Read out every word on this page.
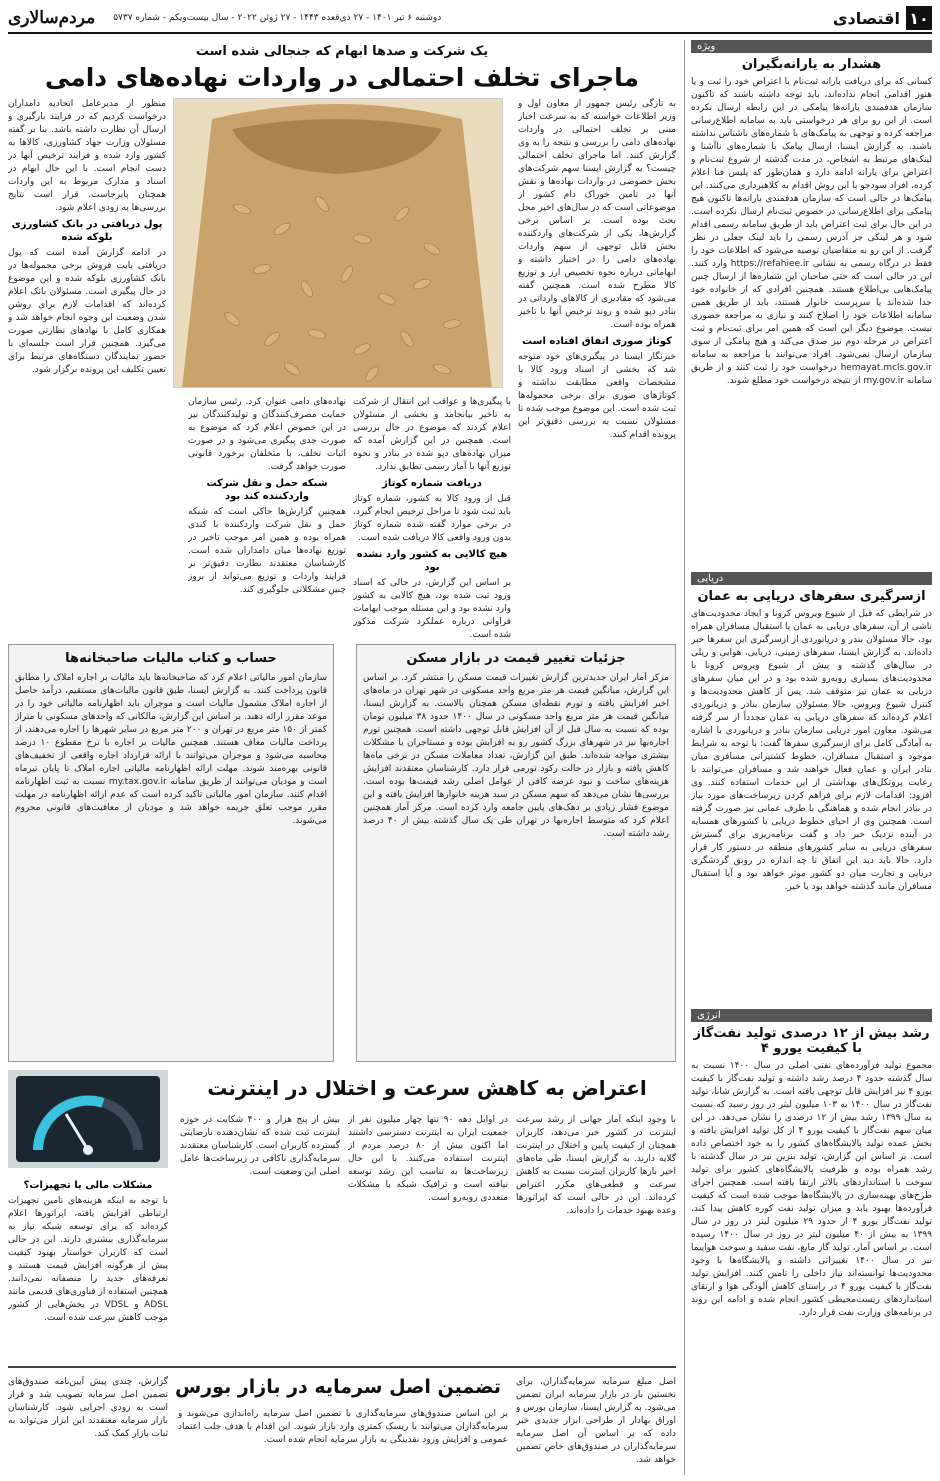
۱۰
اقتصادی
مردم‌سالاری دوشنبه ۶ تیر ۱۴۰۱ - ۲۷ ذی‌قعده ۱۴۴۳ - ۲۷ ژوئن ۲۰۲۲ - سال بیست‌ویکم - شماره ۵۷۳۷
ویژه
هشدار به یارانه‌بگیران
کسانی که برای دریافت یارانه ثبت‌نام یا اعتراض خود را ثبت و یا هنوز اقدامی انجام نداده‌اند، باید توجه داشته باشند که تاکنون سازمان هدفمندی یارانه‌ها پیامکی در این رابطه ارسال نکرده است. از این رو برای هر درخواستی باید به سامانه اطلاع‌رسانی مراجعه کرده و توجهی به پیامک‌های با شماره‌های ناشناس نداشته باشند. به گزارش ایسنا، ارسال پیامک با شماره‌های ناآشنا و لینک‌های مرتبط به اشخاص، در مدت گذشته از شروع ثبت‌نام و اعتراض برای یارانه ادامه دارد و همان‌طور که پلیس فتا اعلام کرده، افراد سودجو با این روش اقدام به کلاهبرداری می‌کنند. این پیامک‌ها در حالی است که سازمان هدفمندی یارانه‌ها تاکنون هیچ پیامکی برای اطلاع‌رسانی در خصوص ثبت‌نام ارسال نکرده است. در این حال برای ثبت اعتراض باید از طریق سامانه رسمی اقدام شود و هر لینکی جز آدرس رسمی را باید لینک جعلی در نظر گرفت. از این رو به متقاضیان توصیه می‌شود که اطلاعات خود را فقط در درگاه رسمی به نشانی https://refahiee.ir وارد کنند. این در حالی است که حتی صاحبان این شماره‌ها از ارسال چنین پیامک‌هایی بی‌اطلاع هستند. همچنین افرادی که از خانواده خود جدا شده‌اند یا سرپرست خانوار هستند، باید از طریق همین سامانه اطلاعات خود را اصلاح کنند و نیازی به مراجعه حضوری نیست. موضوع دیگر این است که همین امر برای ثبت‌نام و ثبت اعتراض در مرحله دوم نیز صدق می‌کند و هیچ پیامکی از سوی سازمان ارسال نمی‌شود. افراد می‌توانند با مراجعه به سامانه hemayat.mcls.gov.ir درخواست خود را ثبت کنند و از طریق سامانه my.gov.ir از نتیجه درخواست خود مطلع شوند.
دریایی
ازسرگیری سفرهای دریایی به عمان
در شرایطی که قبل از شیوع ویروس کرونا و ایجاد محدودیت‌های ناشی از آن، سفرهای دریایی به عمان با استقبال مسافران همراه بود، حالا مسئولان بندر و دریانوردی از ازسرگیری این سفرها خبر داده‌اند. به گزارش ایسنا، سفرهای زمینی، دریایی، هوایی و ریلی در سال‌های گذشته و پیش از شیوع ویروس کرونا با محدودیت‌های بسیاری روبه‌رو شده بود و در این میان سفرهای دریایی به عمان نیز متوقف شد. پس از کاهش محدودیت‌ها و کنترل شیوع ویروس، حالا مسئولان سازمان بنادر و دریانوردی اعلام کرده‌اند که سفرهای دریایی به عمان مجدداً از سر گرفته می‌شود. معاون امور دریایی سازمان بنادر و دریانوردی با اشاره به آمادگی کامل برای ازسرگیری سفرها گفت: با توجه به شرایط موجود و استقبال مسافران، خطوط کشتیرانی مسافری میان بنادر ایران و عمان فعال خواهند شد و مسافران می‌توانند با رعایت پروتکل‌های بهداشتی از این خدمات استفاده کنند. وی افزود: اقدامات لازم برای فراهم کردن زیرساخت‌های مورد نیاز در بنادر انجام شده و هماهنگی با طرف عمانی نیز صورت گرفته است. همچنین وی از احیای خطوط دریایی با کشورهای همسایه در آینده نزدیک خبر داد و گفت برنامه‌ریزی برای گسترش سفرهای دریایی به سایر کشورهای منطقه در دستور کار قرار دارد. حالا باید دید این اتفاق تا چه اندازه در رونق گردشگری دریایی و تجارت میان دو کشور موثر خواهد بود و آیا استقبال مسافران مانند گذشته خواهد بود یا خیر.
انرژی
رشد بیش از ۱۲ درصدی تولید نفت‌گاز با کیفیت یورو ۴
مجموع تولید فرآورده‌های نفتی اصلی در سال ۱۴۰۰ نسبت به سال گذشته حدود ۴ درصد رشد داشته و تولید نفت‌گاز با کیفیت یورو ۴ نیز افزایش قابل توجهی یافته است. به گزارش شانا، تولید نفت‌گاز در سال ۱۴۰۰ به ۱۰۳ میلیون لیتر در روز رسید که نسبت به سال ۱۳۹۹ رشد بیش از ۱۲ درصدی را نشان می‌دهد. در این میان سهم نفت‌گاز با کیفیت یورو ۴ از کل تولید افزایش یافته و بخش عمده تولید پالایشگاه‌های کشور را به خود اختصاص داده است. بر اساس این گزارش، تولید بنزین نیز در سال گذشته با رشد همراه بوده و ظرفیت پالایشگاه‌های کشور برای تولید سوخت با استانداردهای بالاتر ارتقا یافته است. همچنین اجرای طرح‌های بهینه‌سازی در پالایشگاه‌ها موجب شده است که کیفیت فرآورده‌ها بهبود یابد و میزان تولید نفت کوره کاهش پیدا کند. تولید نفت‌گاز یورو ۴ از حدود ۲۹ میلیون لیتر در روز در سال ۱۳۹۹ به بیش از ۴۰ میلیون لیتر در روز در سال ۱۴۰۰ رسیده است. بر اساس آمار، تولید گاز مایع، نفت سفید و سوخت هواپیما نیز در سال ۱۴۰۰ تغییراتی داشته و پالایشگاه‌ها با وجود محدودیت‌ها توانسته‌اند نیاز داخلی را تامین کنند. افزایش تولید نفت‌گاز با کیفیت یورو ۴ در راستای کاهش آلودگی هوا و ارتقای استانداردهای زیست‌محیطی کشور انجام شده و ادامه این روند در برنامه‌های وزارت نفت قرار دارد.
یک شرکت و صدها ابهام که جنجالی شده است
ماجرای تخلف احتمالی در واردات نهاده‌های دامی
به تازگی رئیس جمهور از معاون اول و وزیر اطلاعات خواسته که به سرعت اخبار مبنی بر تخلف احتمالی در واردات نهاده‌های دامی را بررسی و نتیجه را به وی گزارش کنند. اما ماجرای تخلف احتمالی چیست؟ به گزارش ایسنا سهم شرکت‌های بخش خصوصی در واردات نهاده‌ها و نقش آنها در تامین خوراک دام کشور از موضوعاتی است که در سال‌های اخیر محل بحث بوده است. بر اساس برخی گزارش‌ها، یکی از شرکت‌های واردکننده بخش قابل توجهی از سهم واردات نهاده‌های دامی را در اختیار داشته و ابهاماتی درباره نحوه تخصیص ارز و توزیع کالا مطرح شده است. همچنین گفته می‌شود که مقادیری از کالاهای وارداتی در بنادر دپو شده و روند ترخیص آنها با تاخیر همراه بوده است.
کوتاژ صوری اتفاق افتاده است
خبرنگار ایسنا در پیگیری‌های خود متوجه شد که بخشی از اسناد ورود کالا با مشخصات واقعی مطابقت نداشته و کوتاژهای صوری برای برخی محموله‌ها ثبت شده است. این موضوع موجب شده تا مسئولان نسبت به بررسی دقیق‌تر این پرونده اقدام کنند.
با پیگیری‌ها و عواقب این انتقال از شرکت به تاخیر بیانجامد و بخشی از مسئولان اعلام کردند که موضوع در حال بررسی است. همچنین در این گزارش آمده که میزان نهاده‌های دپو شده در بنادر و نحوه توزیع آنها با آمار رسمی تطابق ندارد.
دریافت شماره کوتاژ
قبل از ورود کالا به کشور، شماره کوتاژ باید ثبت شود تا مراحل ترخیص انجام گیرد. در برخی موارد گفته شده شماره کوتاژ بدون ورود واقعی کالا دریافت شده است.
هیچ کالایی به کشور وارد نشده بود
بر اساس این گزارش، در حالی که اسناد ورود ثبت شده بود، هیچ کالایی به کشور وارد نشده بود و این مسئله موجب ابهامات فراوانی درباره عملکرد شرکت مذکور شده است.
نهاده‌های دامی عنوان کرد. رئیس سازمان حمایت مصرف‌کنندگان و تولیدکنندگان نیز در این خصوص اعلام کرد که موضوع به صورت جدی پیگیری می‌شود و در صورت اثبات تخلف، با متخلفان برخورد قانونی صورت خواهد گرفت.
شبکه حمل و نقل شرکت واردکننده کند بود
همچنین گزارش‌ها حاکی است که شبکه حمل و نقل شرکت واردکننده با کندی همراه بوده و همین امر موجب تاخیر در توزیع نهاده‌ها میان دامداران شده است. کارشناسان معتقدند نظارت دقیق‌تر بر فرایند واردات و توزیع می‌تواند از بروز چنین مشکلاتی جلوگیری کند.
منظور از مدیرعامل اتحادیه دامداران درخواست کردیم که در فرایند بارگیری و ارسال آن نظارت داشته باشد. بنا بر گفته مسئولان وزارت جهاد کشاورزی، کالاها به کشور وارد شده و فرایند ترخیص آنها در دست انجام است. با این حال ابهام در اسناد و مدارک مربوط به این واردات همچنان پابرجاست. قرار است نتایج بررسی‌ها به زودی اعلام شود.
پول دریافتی در بانک کشاورزی بلوکه شده
در ادامه گزارش آمده است که پول دریافتی بابت فروش برخی محموله‌ها در بانک کشاورزی بلوکه شده و این موضوع در حال پیگیری است. مسئولان بانک اعلام کرده‌اند که اقدامات لازم برای روشن شدن وضعیت این وجوه انجام خواهد شد و همکاری کامل با نهادهای نظارتی صورت می‌گیرد. همچنین قرار است جلسه‌ای با حضور نمایندگان دستگاه‌های مرتبط برای تعیین تکلیف این پرونده برگزار شود.
جزئیات تغییر قیمت در بازار مسکن
مرکز آمار ایران جدیدترین گزارش تغییرات قیمت مسکن را منتشر کرد. بر اساس این گزارش، میانگین قیمت هر متر مربع واحد مسکونی در شهر تهران در ماه‌های اخیر افزایش یافته و تورم نقطه‌ای مسکن همچنان بالاست. به گزارش ایسنا، میانگین قیمت هر متر مربع واحد مسکونی در سال ۱۴۰۰ حدود ۳۸ میلیون تومان بوده که نسبت به سال قبل از آن افزایش قابل توجهی داشته است. همچنین تورم اجاره‌بها نیز در شهرهای بزرگ کشور رو به افزایش بوده و مستاجران با مشکلات بیشتری مواجه شده‌اند. طبق این گزارش، تعداد معاملات مسکن در برخی ماه‌ها کاهش یافته و بازار در حالت رکود تورمی قرار دارد. کارشناسان معتقدند افزایش هزینه‌های ساخت و نبود عرضه کافی از عوامل اصلی رشد قیمت‌ها بوده است. بررسی‌ها نشان می‌دهد که سهم مسکن در سبد هزینه خانوارها افزایش یافته و این موضوع فشار زیادی بر دهک‌های پایین جامعه وارد کرده است. مرکز آمار همچنین اعلام کرد که متوسط اجاره‌بها در تهران طی یک سال گذشته بیش از ۴۰ درصد رشد داشته است.
حساب و کتاب مالیات صاحبخانه‌ها
سازمان امور مالیاتی اعلام کرد که صاحبخانه‌ها باید مالیات بر اجاره املاک را مطابق قانون پرداخت کنند. به گزارش ایسنا، طبق قانون مالیات‌های مستقیم، درآمد حاصل از اجاره املاک مشمول مالیات است و موجران باید اظهارنامه مالیاتی خود را در موعد مقرر ارائه دهند. بر اساس این گزارش، مالکانی که واحدهای مسکونی با متراژ کمتر از ۱۵۰ متر مربع در تهران و ۲۰۰ متر مربع در سایر شهرها را اجاره می‌دهند، از پرداخت مالیات معاف هستند. همچنین مالیات بر اجاره با نرخ مقطوع ۱۰ درصد محاسبه می‌شود و موجران می‌توانند با ارائه قرارداد اجاره واقعی از تخفیف‌های قانونی بهره‌مند شوند. مهلت ارائه اظهارنامه مالیاتی اجاره املاک تا پایان تیرماه است و مودیان می‌توانند از طریق سامانه my.tax.gov.ir نسبت به ثبت اظهارنامه اقدام کنند. سازمان امور مالیاتی تاکید کرده است که عدم ارائه اظهارنامه در مهلت مقرر موجب تعلق جریمه خواهد شد و مودیان از معافیت‌های قانونی محروم می‌شوند.
اعتراض به کاهش سرعت و اختلال در اینترنت
با وجود اینکه آمار جهانی از رشد سرعت اینترنت در کشور خبر می‌دهد، کاربران همچنان از کیفیت پایین و اختلال در اینترنت گلایه دارند. به گزارش ایسنا، طی ماه‌های اخیر بارها کاربران اینترنت نسبت به کاهش سرعت و قطعی‌های مکرر اعتراض کرده‌اند. این در حالی است که اپراتورها وعده بهبود خدمات را داده‌اند.
در اوایل دهه ۹۰ تنها چهار میلیون نفر از جمعیت ایران به اینترنت دسترسی داشتند اما اکنون بیش از ۸۰ درصد مردم از اینترنت استفاده می‌کنند. با این حال زیرساخت‌ها به تناسب این رشد توسعه نیافته است و ترافیک شبکه با مشکلات متعددی روبه‌رو است.
بیش از پنج هزار و ۴۰۰ شکایت در حوزه اینترنت ثبت شده که نشان‌دهنده نارضایتی گسترده کاربران است. کارشناسان معتقدند سرمایه‌گذاری ناکافی در زیرساخت‌ها عامل اصلی این وضعیت است.
مشکلات مالی یا تجهیزات؟
با توجه به اینکه هزینه‌های تامین تجهیزات ارتباطی افزایش یافته، اپراتورها اعلام کرده‌اند که برای توسعه شبکه نیاز به سرمایه‌گذاری بیشتری دارند. این در حالی است که کاربران خواستار بهبود کیفیت پیش از هرگونه افزایش قیمت هستند و تعرفه‌های جدید را منصفانه نمی‌دانند. همچنین استفاده از فناوری‌های قدیمی مانند ADSL و VDSL در بخش‌هایی از کشور موجب کاهش سرعت شده است.
تضمین اصل سرمایه در بازار بورس اصل مبلغ سرمایه سرمایه‌گذاران، برای نخستین بار در بازار سرمایه ایران تضمین می‌شود. به گزارش ایسنا، سازمان بورس و اوراق بهادار از طراحی ابزار جدیدی خبر داده که بر اساس آن اصل سرمایه سرمایه‌گذاران در صندوق‌های خاص تضمین خواهد شد.
بر این اساس صندوق‌های سرمایه‌گذاری با تضمین اصل سرمایه راه‌اندازی می‌شوند و سرمایه‌گذاران می‌توانند با ریسک کمتری وارد بازار شوند. این اقدام با هدف جلب اعتماد عمومی و افزایش ورود نقدینگی به بازار سرمایه انجام شده است.
گزارش، چندی پیش آیین‌نامه صندوق‌های تضمین اصل سرمایه تصویب شد و قرار است به زودی اجرایی شود. کارشناسان بازار سرمایه معتقدند این ابزار می‌تواند به ثبات بازار کمک کند.
